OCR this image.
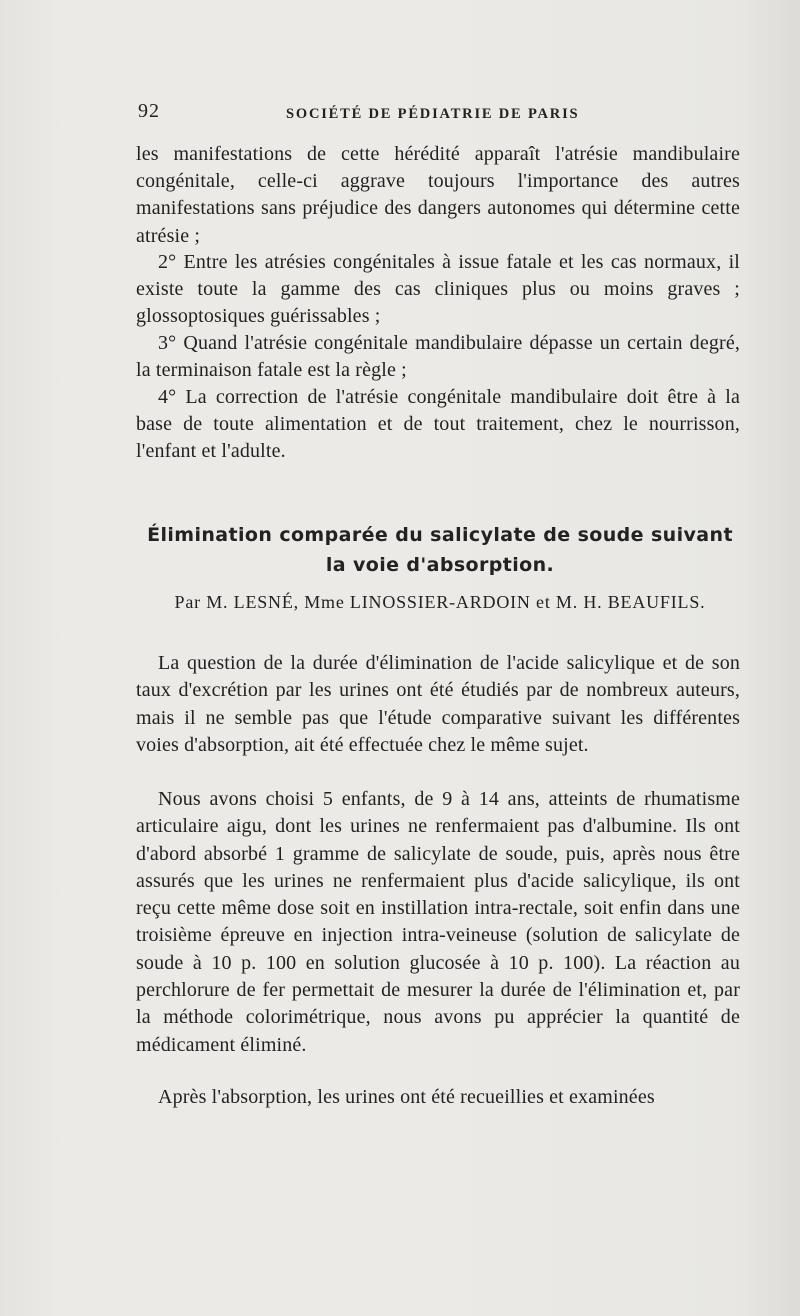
92	SOCIÉTÉ DE PÉDIATRIE DE PARIS

les manifestations de cette hérédité apparaît l'atrésie mandibulaire congénitale, celle-ci aggrave toujours l'importance des autres manifestations sans préjudice des dangers autonomes qui détermine cette atrésie ;

2° Entre les atrésies congénitales à issue fatale et les cas normaux, il existe toute la gamme des cas cliniques plus ou moins graves ; glossoptosiques guérissables ;

3° Quand l'atrésie congénitale mandibulaire dépasse un certain degré, la terminaison fatale est la règle ;

4° La correction de l'atrésie congénitale mandibulaire doit être à la base de toute alimentation et de tout traitement, chez le nourrisson, l'enfant et l'adulte.

Élimination comparée du salicylate de soude suivant
la voie d'absorption.
Par M. LESNÉ, Mme LINOSSIER-ARDOIN et M. H. BEAUFILS.

La question de la durée d'élimination de l'acide salicylique et de son taux d'excrétion par les urines ont été étudiés par de nombreux auteurs, mais il ne semble pas que l'étude comparative suivant les différentes voies d'absorption, ait été effectuée chez le même sujet.

Nous avons choisi 5 enfants, de 9 à 14 ans, atteints de rhumatisme articulaire aigu, dont les urines ne renfermaient pas d'albumine. Ils ont d'abord absorbé 1 gramme de salicylate de soude, puis, après nous être assurés que les urines ne renfermaient plus d'acide salicylique, ils ont reçu cette même dose soit en instillation intra-rectale, soit enfin dans une troisième épreuve en injection intra-veineuse (solution de salicylate de soude à 10 p. 100 en solution glucosée à 10 p. 100). La réaction au perchlorure de fer permettait de mesurer la durée de l'élimination et, par la méthode colorimétrique, nous avons pu apprécier la quantité de médicament éliminé.

Après l'absorption, les urines ont été recueillies et examinées
